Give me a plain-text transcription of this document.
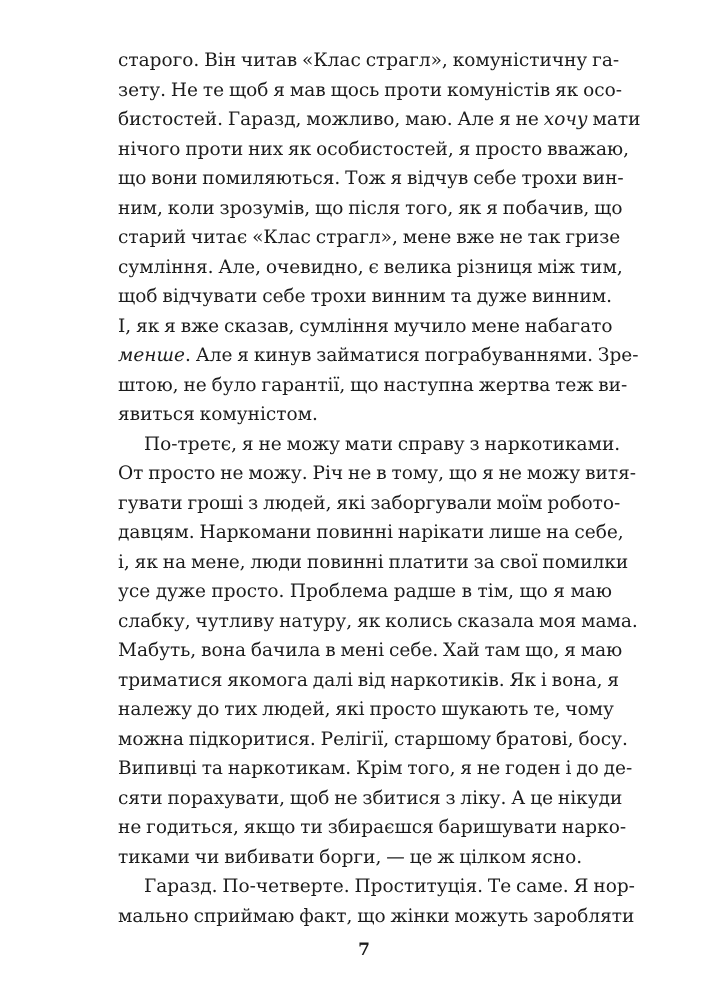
старого. Він читав «Клас стрaгл», комуністичну га-
зету. Не те щоб я мав щось проти комуністів як осо-
бистостей. Гаразд, можливо, маю. Але я не хочу мати
нічого проти них як особистостей, я просто вважаю,
що вони помиляються. Тож я відчув себе трохи вин-
ним, коли зрозумів, що після того, як я побачив, що
старий читає «Клас стрaгл», мене вже не так гризе
сумління. Але, очевидно, є велика різниця між тим,
щоб відчувати себе трохи винним та дуже винним.
І, як я вже сказав, сумління мучило мене набагато
менше. Але я кинув займатися пограбуваннями. Зре-
штою, не було гарантії, що наступна жертва теж ви-
явиться комуністом.
По-третє, я не можу мати справу з наркотиками.
От просто не можу. Річ не в тому, що я не можу витя-
гувати гроші з людей, які заборгували моїм робото-
давцям. Наркомани повинні нарікати лише на себе,
і, як на мене, люди повинні платити за свої помилки
усе дуже просто. Проблема радше в тім, що я маю
слабку, чутливу натуру, як колись сказала моя мама.
Мабуть, вона бачила в мені себе. Хай там що, я маю
триматися якомога далі від наркотиків. Як і вона, я
належу до тих людей, які просто шукають те, чому
можна підкоритися. Релігії, старшому братові, босу.
Випивці та наркотикам. Крім того, я не годен і до де-
сяти порахувати, щоб не збитися з ліку. А це нікуди
не годиться, якщо ти збираєшся баришувати нарко-
тиками чи вибивати борги, — це ж цілком ясно.
Гаразд. По-четверте. Проституція. Те саме. Я нор-
мально сприймаю факт, що жінки можуть заробляти
7
